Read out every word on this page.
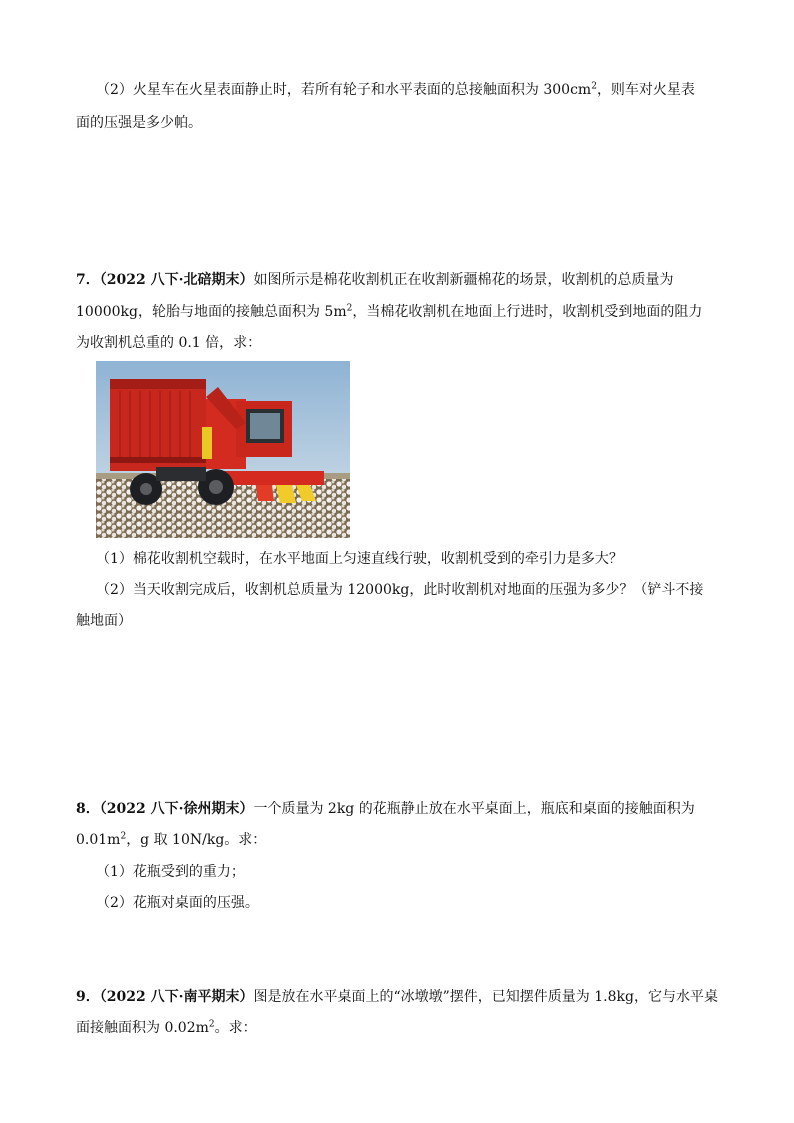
（2）火星车在火星表面静止时，若所有轮子和水平表面的总接触面积为 $300cm^2$，则车对火星表
面的压强是多少帕。
7．（2022 八下·北碚期末）如图所示是棉花收割机正在收割新疆棉花的场景，收割机的总质量为
10000kg，轮胎与地面的接触总面积为 $5m^2$，当棉花收割机在地面上行进时，收割机受到地面的阻力
为收割机总重的 0.1 倍，求：
（1）棉花收割机空载时，在水平地面上匀速直线行驶，收割机受到的牵引力是多大？
（2）当天收割完成后，收割机总质量为 12000kg，此时收割机对地面的压强为多少？（铲斗不接
触地面）
8．（2022 八下·徐州期末）一个质量为 2kg 的花瓶静止放在水平桌面上，瓶底和桌面的接触面积为
$0.01m^2$，g 取 10N/kg。求：
（1）花瓶受到的重力；
（2）花瓶对桌面的压强。
9．（2022 八下·南平期末）图是放在水平桌面上的“冰墩墩”摆件，已知摆件质量为 1.8kg，它与水平桌
面接触面积为 $0.02m^2$。求：
